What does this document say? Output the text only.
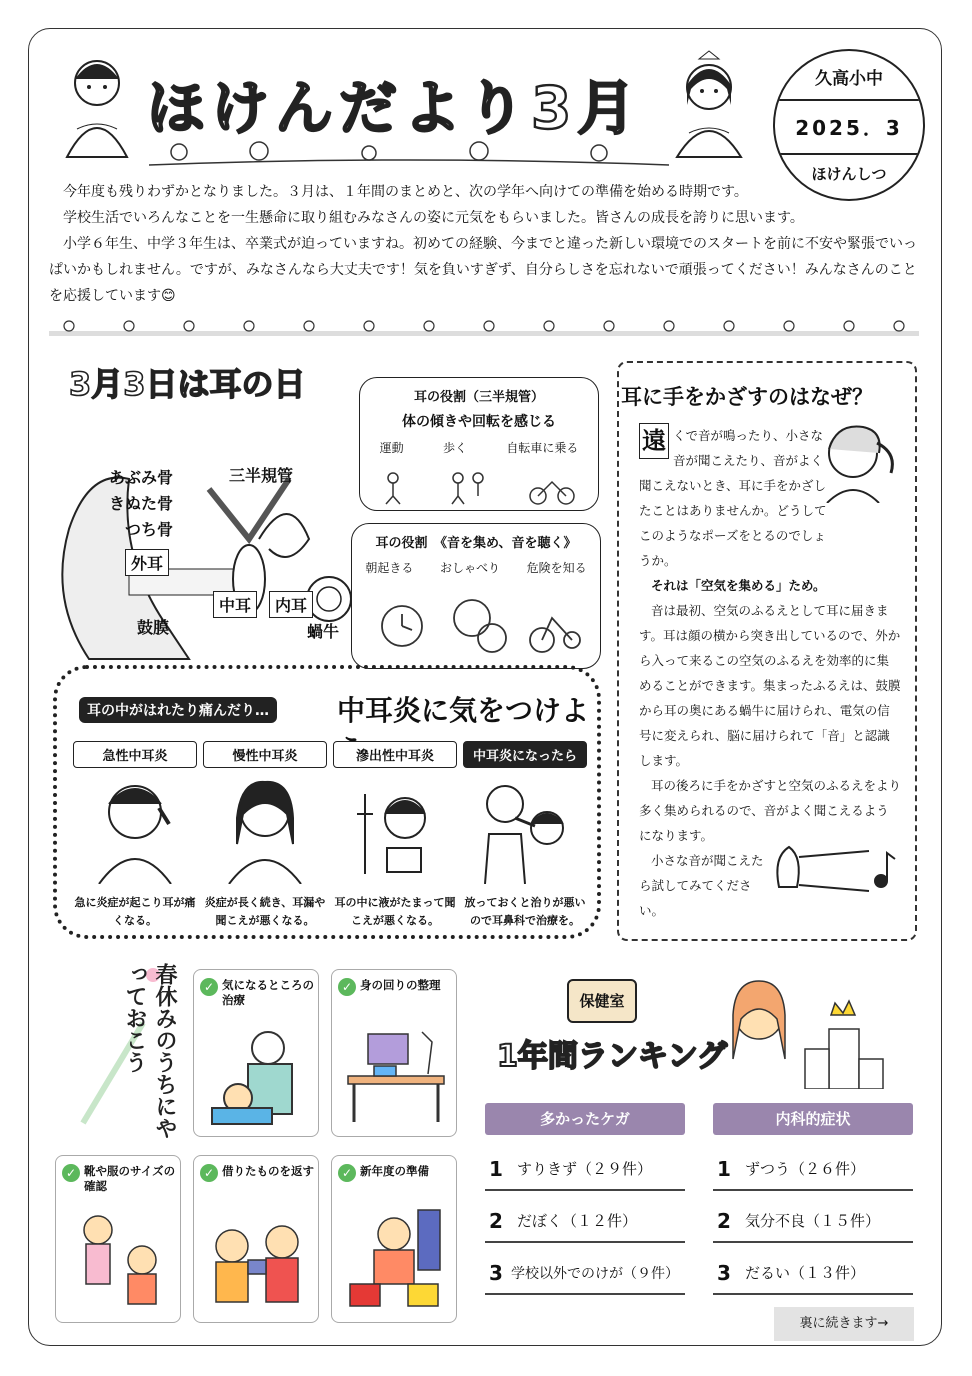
ほけんだより3月	久高小中
2025．3
ほけんしつ

今年度も残りわずかとなりました。３月は、１年間のまとめと、次の学年へ向けての準備を始める時期です。

学校生活でいろんなことを一生懸命に取り組むみなさんの姿に元気をもらいました。皆さんの成長を誇りに思います。

小学６年生、中学３年生は、卒業式が迫っていますね。初めての経験、今までと違った新しい環境でのスタートを前に不安や緊張でいっぱいかもしれません。ですが、みなさんなら大丈夫です！気を負いすぎず、自分らしさを忘れないで頑張ってください！みんなさんのことを応援しています😊

3月3日は耳の日
あぶみ骨
きぬた骨
つち骨
三半規管
外耳
中耳	内耳
鼓膜	蝸牛
耳の役割（三半規管）
体の傾きや回転を感じる
運動	歩く	自転車に乗る
耳の役割　《音を集め、音を聴く》
朝起きる おしゃべり 危険を知る
耳の中がはれたり痛んだり… 中耳炎に気をつけよ
急性中耳炎
急に炎症が起こり耳が痛くなる。
慢性中耳炎
炎症が長く続き、耳漏や聞こえが悪くなる。
滲出性中耳炎
耳の中に液がたまって聞こえが悪くなる。
中耳炎になったら
放っておくと治りが悪いので耳鼻科で治療を。
耳に手をかざすのはなぜ？
遠 くで音が鳴ったり、小さな音が聞こえたり、音がよく聞こえないとき、耳に手をかざしたことはありませんか。どうしてこのようなポーズをとるのでしょうか。

それは「空気を集める」ため。

音は最初、空気のふるえとして耳に届きます。耳は顔の横から突き出しているので、外から入って来るこの空気のふるえを効率的に集めることができます。集まったふるえは、鼓膜から耳の奥にある蝸牛に届けられ、電気の信号に変えられ、脳に届けられて「音」と認識します。

耳の後ろに手をかざすと空気のふるえをより多く集められるので、音がよく聞こえるようになります。

小さな音が聞こえたら試してみてください。

春休みのうちにやっておこう	✓ 気になるところの治療
✓ 身の回りの整理
✓ 靴や服のサイズの確認
✓ 借りたものを返す	✓ 新年度の準備
保健室
1年間ランキング
多かったケガ
1 すりきず（２９件）
2 だぼく（１２件）
3 学校以外でのけが（９件）
内科的症状
1 ずつう（２６件）
2 気分不良（１５件）
3 だるい（１３件）
裏に続きます→
